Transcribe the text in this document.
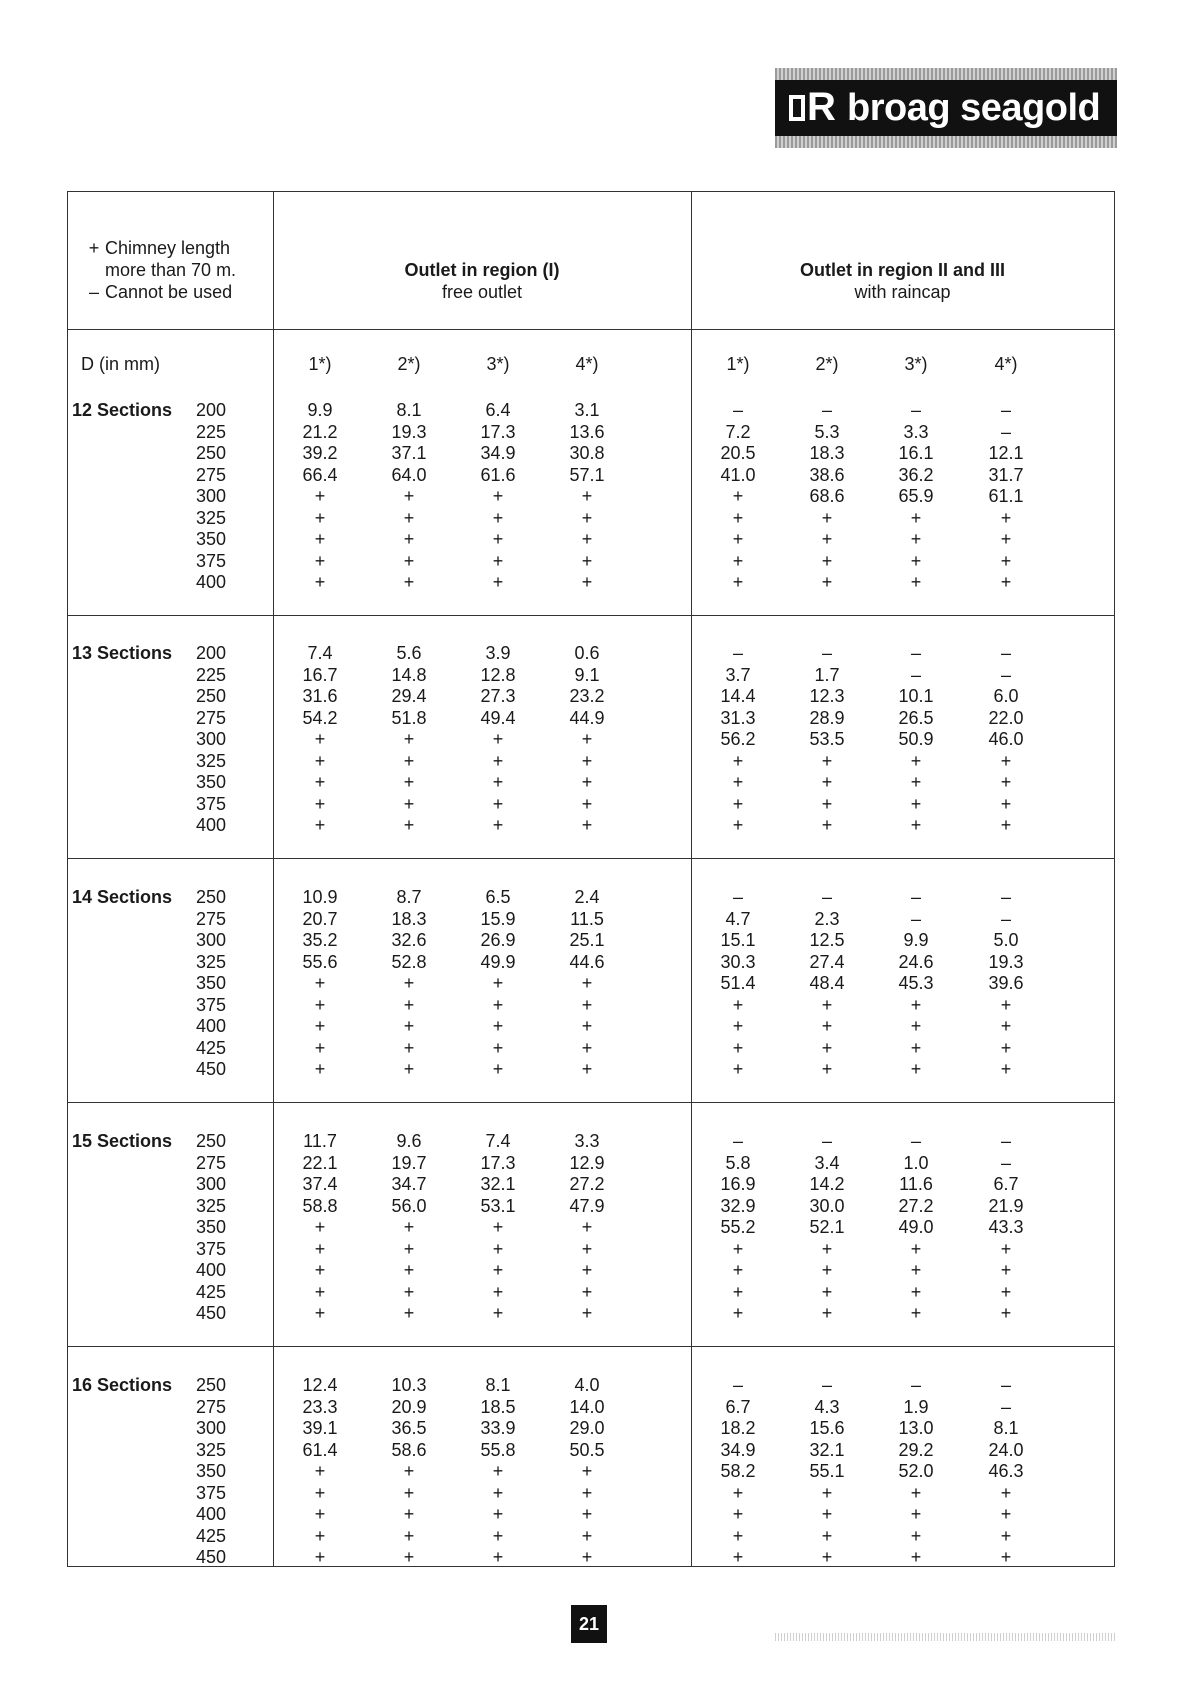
R broag seagold
+ Chimney length
more than 70 m.
– Cannot be used
Outlet in region (I)
free outlet
Outlet in region II and III
with raincap
D (in mm)	1*)	2*)	3*)	4*)	1*)	2*)	3*)	4*)
12 Sections	200	9.9	8.1	6.4	3.1	–	–	–	–
225	21.2	19.3	17.3	13.6	7.2	5.3	3.3	–
250	39.2	37.1	34.9	30.8	20.5	18.3	16.1	12.1
275	66.4	64.0	61.6	57.1	41.0	38.6	36.2	31.7
300	+	+	+	+	+	68.6	65.9	61.1
325	+	+	+	+	+	+	+	+
350	+	+	+	+	+	+	+	+
375	+	+	+	+	+	+	+	+
400	+	+	+	+	+	+	+	+
13 Sections	200	7.4	5.6	3.9	0.6	–	–	–	–
225	16.7	14.8	12.8	9.1	3.7	1.7	–	–
250	31.6	29.4	27.3	23.2	14.4	12.3	10.1	6.0
275	54.2	51.8	49.4	44.9	31.3	28.9	26.5	22.0
300	+	+	+	+	56.2	53.5	50.9	46.0
325	+	+	+	+	+	+	+	+
350	+	+	+	+	+	+	+	+
375	+	+	+	+	+	+	+	+
400	+	+	+	+	+	+	+	+
14 Sections	250	10.9	8.7	6.5	2.4	–	–	–	–
275	20.7	18.3	15.9	11.5	4.7	2.3	–	–
300	35.2	32.6	26.9	25.1	15.1	12.5	9.9	5.0
325	55.6	52.8	49.9	44.6	30.3	27.4	24.6	19.3
350	+	+	+	+	51.4	48.4	45.3	39.6
375	+	+	+	+	+	+	+	+
400	+	+	+	+	+	+	+	+
425	+	+	+	+	+	+	+	+
450	+	+	+	+	+	+	+	+
15 Sections	250	11.7	9.6	7.4	3.3	–	–	–	–
275	22.1	19.7	17.3	12.9	5.8	3.4	1.0	–
300	37.4	34.7	32.1	27.2	16.9	14.2	11.6	6.7
325	58.8	56.0	53.1	47.9	32.9	30.0	27.2	21.9
350	+	+	+	+	55.2	52.1	49.0	43.3
375	+	+	+	+	+	+	+	+
400	+	+	+	+	+	+	+	+
425	+	+	+	+	+	+	+	+
450	+	+	+	+	+	+	+	+
16 Sections	250	12.4	10.3	8.1	4.0	–	–	–	–
275	23.3	20.9	18.5	14.0	6.7	4.3	1.9	–
300	39.1	36.5	33.9	29.0	18.2	15.6	13.0	8.1
325	61.4	58.6	55.8	50.5	34.9	32.1	29.2	24.0
350	+	+	+	+	58.2	55.1	52.0	46.3
375	+	+	+	+	+	+	+	+
400	+	+	+	+	+	+	+	+
425	+	+	+	+	+	+	+	+
450	+	+	+	+	+	+	+	+
21
